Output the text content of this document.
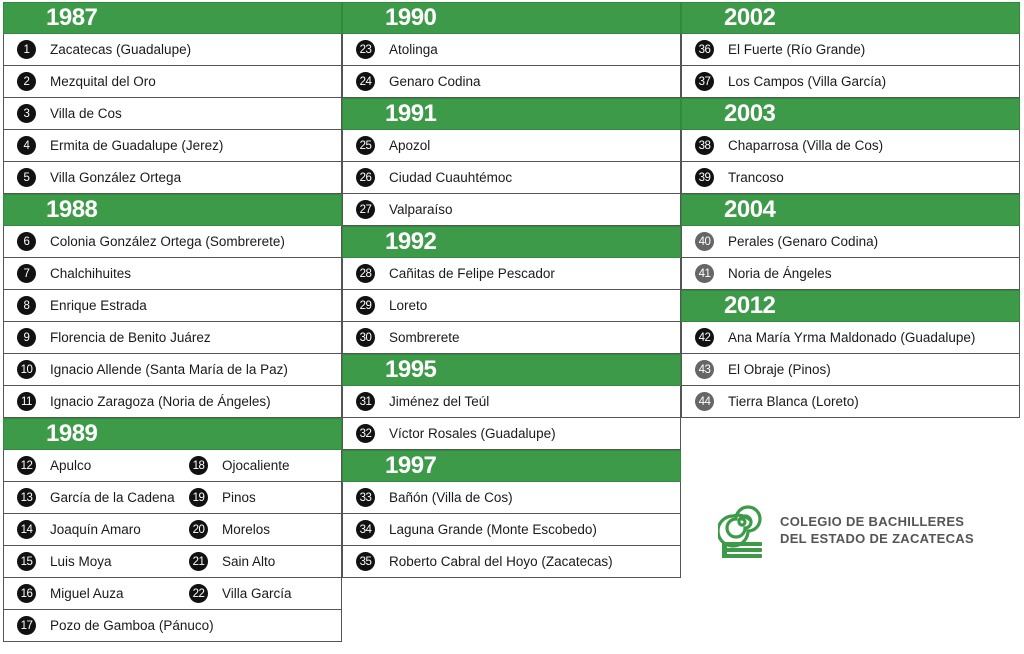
1987
1	Zacatecas (Guadalupe)
2	Mezquital del Oro
3	Villa de Cos
4	Ermita de Guadalupe (Jerez)
5	Villa González Ortega
1988
6	Colonia González Ortega (Sombrerete)
7	Chalchihuites
8	Enrique Estrada
9	Florencia de Benito Juárez
10 Ignacio Allende (Santa María de la Paz)
11 Ignacio Zaragoza (Noria de Ángeles)
1989
12 Apulco	18 Ojocaliente
13 García de la Cadena	19 Pinos
14 Joaquín Amaro	20 Morelos
15 Luis Moya	21 Sain Alto
16 Miguel Auza	22 Villa García
17 Pozo de Gamboa (Pánuco)
1990
23 Atolinga
24 Genaro Codina
1991
25 Apozol
26 Ciudad Cuauhtémoc
27 Valparaíso
1992
28 Cañitas de Felipe Pescador
29 Loreto
30 Sombrerete
1995
31 Jiménez del Teúl
32 Víctor Rosales (Guadalupe)
1997
33 Bañón (Villa de Cos)
34 Laguna Grande (Monte Escobedo)
35 Roberto Cabral del Hoyo (Zacatecas)
2002
36 El Fuerte (Río Grande)
37 Los Campos (Villa García)
2003
38 Chaparrosa (Villa de Cos)
39 Trancoso
2004
40 Perales (Genaro Codina)
41 Noria de Ángeles
2012
42 Ana María Yrma Maldonado (Guadalupe)
43 El Obraje (Pinos)
44 Tierra Blanca (Loreto)
COLEGIO DE BACHILLERES
DEL ESTADO DE ZACATECAS
